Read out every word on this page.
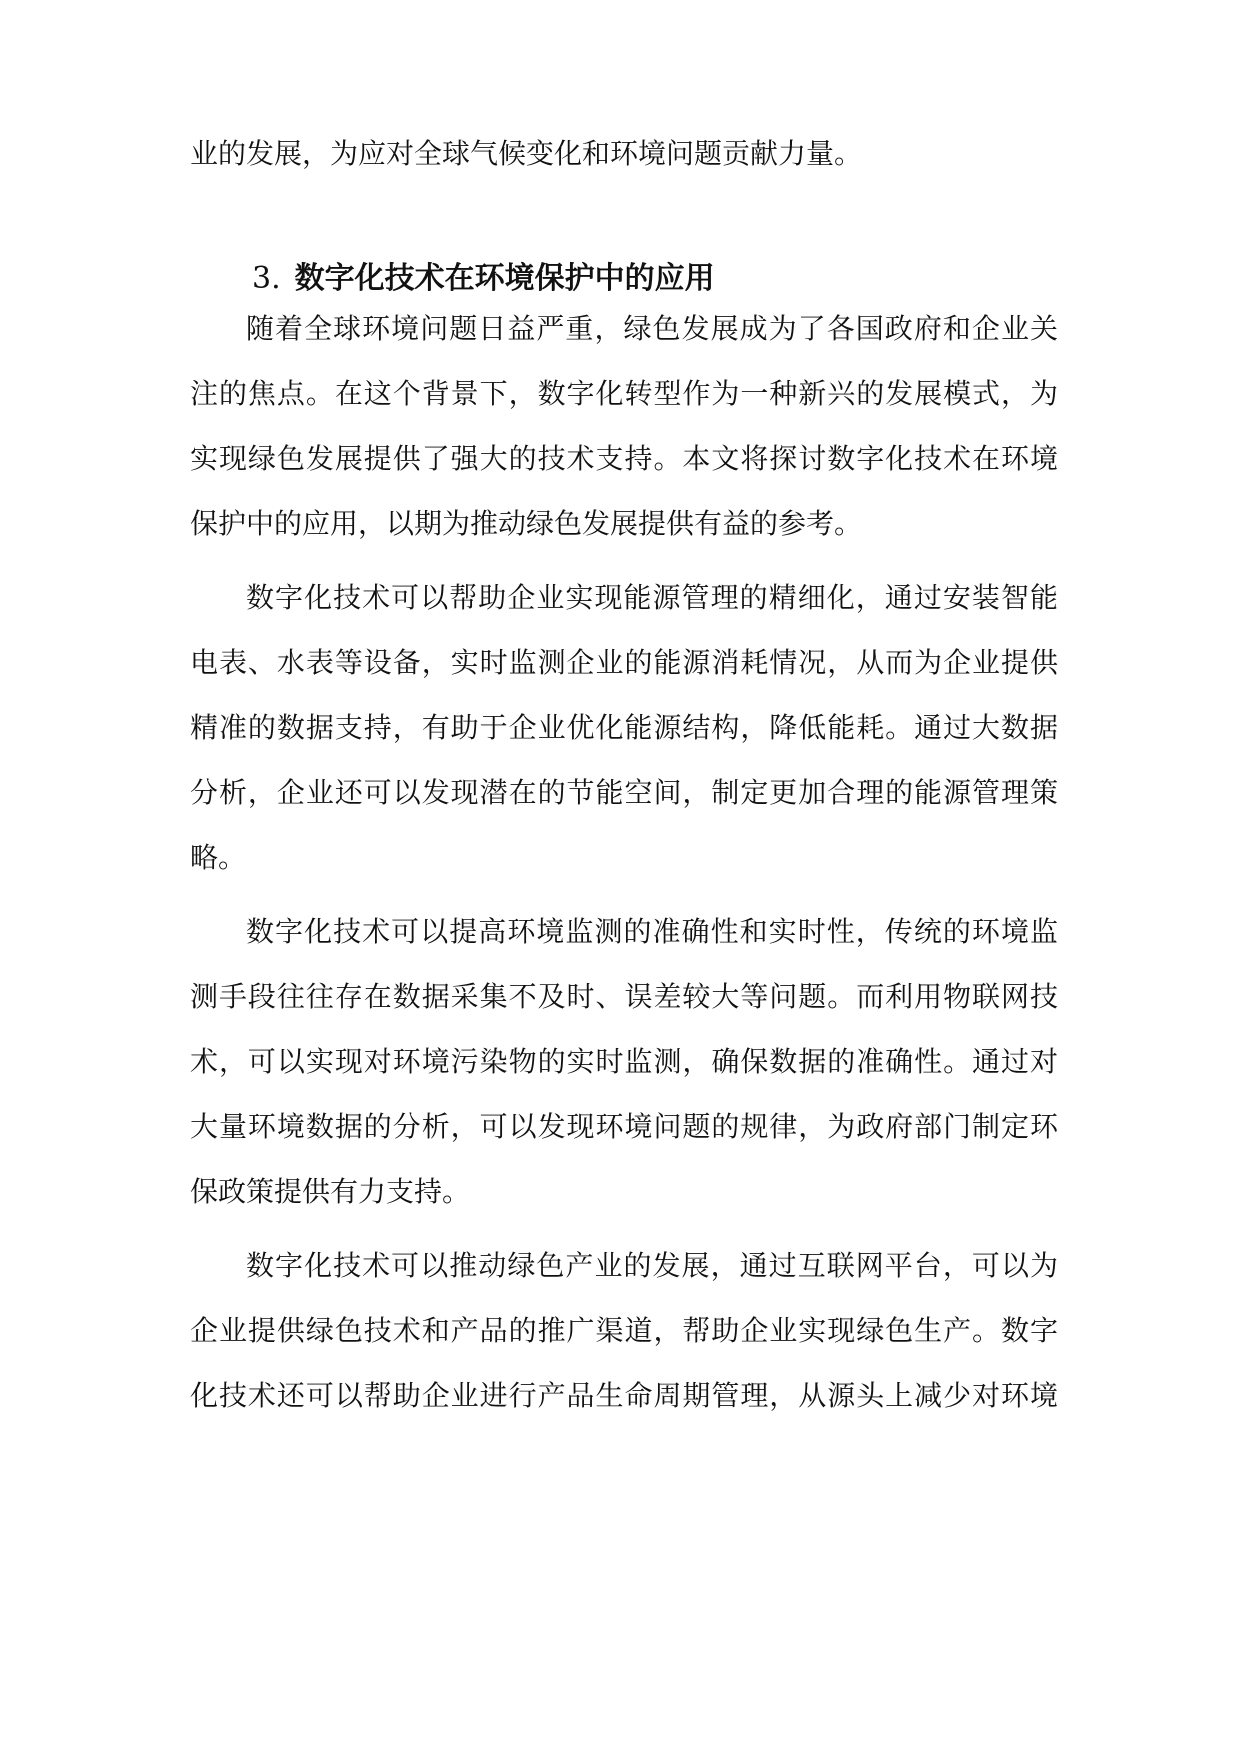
业的发展，为应对全球气候变化和环境问题贡献力量。
3. 数字化技术在环境保护中的应用
随着全球环境问题日益严重，绿色发展成为了各国政府和企业关
注的焦点。在这个背景下，数字化转型作为一种新兴的发展模式，为
实现绿色发展提供了强大的技术支持。本文将探讨数字化技术在环境
保护中的应用，以期为推动绿色发展提供有益的参考。
数字化技术可以帮助企业实现能源管理的精细化，通过安装智能
电表、水表等设备，实时监测企业的能源消耗情况，从而为企业提供
精准的数据支持，有助于企业优化能源结构，降低能耗。通过大数据
分析，企业还可以发现潜在的节能空间，制定更加合理的能源管理策
略。
数字化技术可以提高环境监测的准确性和实时性，传统的环境监
测手段往往存在数据采集不及时、误差较大等问题。而利用物联网技
术，可以实现对环境污染物的实时监测，确保数据的准确性。通过对
大量环境数据的分析，可以发现环境问题的规律，为政府部门制定环
保政策提供有力支持。
数字化技术可以推动绿色产业的发展，通过互联网平台，可以为
企业提供绿色技术和产品的推广渠道，帮助企业实现绿色生产。数字
化技术还可以帮助企业进行产品生命周期管理，从源头上减少对环境
